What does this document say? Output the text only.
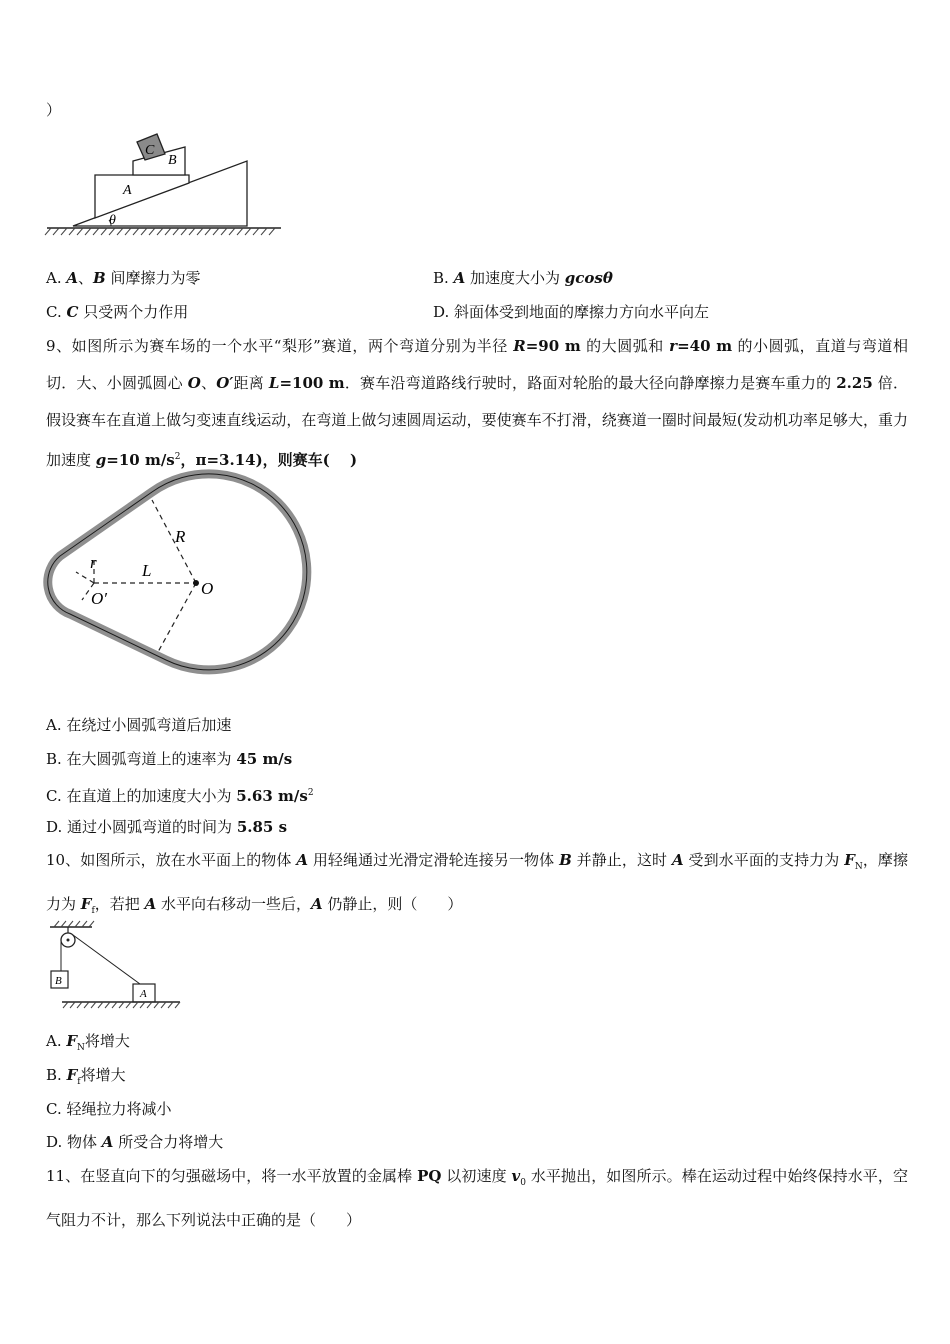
）
C
B
A
θ
A. A、B 间摩擦力为零	B. A 加速度大小为 gcosθ
C. C 只受两个力作用	D. 斜面体受到地面的摩擦力方向水平向左
9、如图所示为赛车场的一个水平“梨形”赛道，两个弯道分别为半径 R=90 m 的大圆弧和 r=40 m 的小圆弧，直道与弯道相切．大、小圆弧圆心 O、O′距离 L=100 m．赛车沿弯道路线行驶时，路面对轮胎的最大径向静摩擦力是赛车重力的 2.25 倍．假设赛车在直道上做匀变速直线运动，在弯道上做匀速圆周运动，要使赛车不打滑，绕赛道一圈时间最短(发动机功率足够大，重力加速度 g=10 $m/s^2$，π=3.14)，则赛车(　 )
R
r	L
O
O′
A. 在绕过小圆弧弯道后加速
B. 在大圆弧弯道上的速率为 45 m/s
C. 在直道上的加速度大小为 5.63 $m/s^2$
D. 通过小圆弧弯道的时间为 5.85 s
10、如图所示，放在水平面上的物体 A 用轻绳通过光滑定滑轮连接另一物体 B 并静止，这时 A 受到水平面的支持力为 $F_N$，摩擦力为 $F_f$，若把 A 水平向右移动一些后，A 仍静止，则（　　）
B
A
A. $F_N$将增大
B. $F_f$将增大
C. 轻绳拉力将减小
D. 物体 A 所受合力将增大
11、在竖直向下的匀强磁场中，将一水平放置的金属棒 PQ 以初速度 $v_0$ 水平抛出，如图所示。棒在运动过程中始终保持水平，空气阻力不计，那么下列说法中正确的是（　　）
